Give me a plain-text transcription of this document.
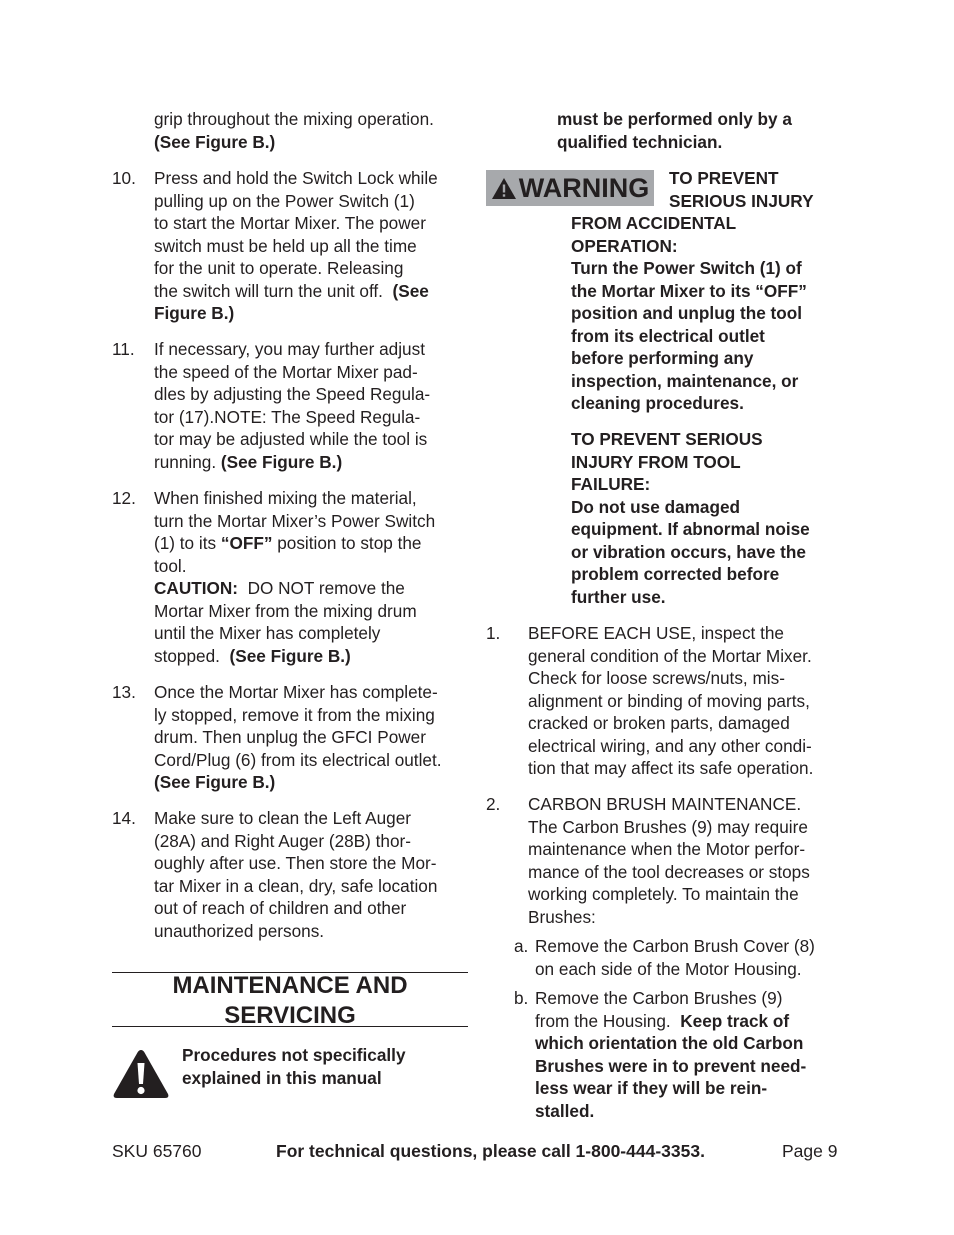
grip throughout the mixing operation.
(See Figure B.)
10.	Press and hold the Switch Lock while
pulling up on the Power Switch (1)
to start the Mortar Mixer. The power
switch must be held up all the time
for the unit to operate. Releasing
the switch will turn the unit off.  (See
Figure B.)
11.	If necessary, you may further adjust
the speed of the Mortar Mixer pad-
dles by adjusting the Speed Regula-
tor (17).NOTE: The Speed Regula-
tor may be adjusted while the tool is
running. (See Figure B.)
12.	When finished mixing the material,
turn the Mortar Mixer’s Power Switch
(1) to its “OFF” position to stop the
tool.
CAUTION:  DO NOT remove the
Mortar Mixer from the mixing drum
until the Mixer has completely
stopped.  (See Figure B.)
13.	Once the Mortar Mixer has complete-
ly stopped, remove it from the mixing
drum. Then unplug the GFCI Power
Cord/Plug (6) from its electrical outlet.
(See Figure B.)
14.	Make sure to clean the Left Auger
(28A) and Right Auger (28B) thor-
oughly after use. Then store the Mor-
tar Mixer in a clean, dry, safe location
out of reach of children and other
unauthorized persons.
MAINTENANCE AND
SERVICING
Procedures not specifically
explained in this manual
must be performed only by a
qualified technician.
WARNING TO PREVENT
SERIOUS INJURY
FROM ACCIDENTAL
OPERATION:
Turn the Power Switch (1) of
the Mortar Mixer to its “OFF”
position and unplug the tool
from its electrical outlet
before performing any
inspection, maintenance, or
cleaning procedures.
TO PREVENT SERIOUS
INJURY FROM TOOL
FAILURE:
Do not use damaged
equipment. If abnormal noise
or vibration occurs, have the
problem corrected before
further use.
1.	BEFORE EACH USE, inspect the
general condition of the Mortar Mixer.
Check for loose screws/nuts, mis-
alignment or binding of moving parts,
cracked or broken parts, damaged
electrical wiring, and any other condi-
tion that may affect its safe operation.
2.	CARBON BRUSH MAINTENANCE.
The Carbon Brushes (9) may require
maintenance when the Motor perfor-
mance of the tool decreases or stops
working completely. To maintain the
Brushes:
a. Remove the Carbon Brush Cover (8)
on each side of the Motor Housing.
b. Remove the Carbon Brushes (9)
from the Housing.  Keep track of
which orientation the old Carbon
Brushes were in to prevent need-
less wear if they will be rein-
stalled.
SKU 65760	For technical questions, please call 1-800-444-3353.	Page 9
